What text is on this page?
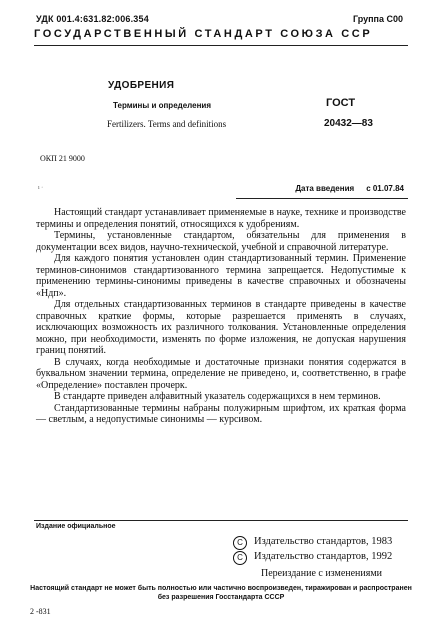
УДК 001.4:631.82:006.354	Группа С00
ГОСУДАРСТВЕННЫЙ СТАНДАРТ СОЮЗА ССР
УДОБРЕНИЯ
Термины и определения
Fertilizers. Terms and definitions
ГОСТ
20432—83
ОКП 21 9000
ı ·	Дата введения с 01.07.84

Настоящий стандарт устанавливает применяемые в науке, технике и производстве термины и определения понятий, относящихся к удобрениям.

Термины, установленные стандартом, обязательны для применения в документации всех видов, научно-технической, учебной и справочной литературе.

Для каждого понятия установлен один стандартизованный термин. Применение терминов-синонимов стандартизованного термина запрещается. Недопустимые к применению термины-синонимы приведены в качестве справочных и обозначены «Ндп».

Для отдельных стандартизованных терминов в стандарте приведены в качестве справочных краткие формы, которые разрешается применять в случаях, исключающих возможность их различного толкования. Установленные определения можно, при необходимости, изменять по форме изложения, не допуская нарушения границ понятий.

В случаях, когда необходимые и достаточные признаки понятия содержатся в буквальном значении термина, определение не приведено, и, соответственно, в графе «Определение» поставлен прочерк.

В стандарте приведен алфавитный указатель содержащихся в нем терминов.

Стандартизованные термины набраны полужирным шрифтом, их краткая форма — светлым, а недопустимые синонимы — курсивом.

Издание официальное
C Издательство стандартов, 1983
C Издательство стандартов, 1992
Переиздание с изменениями
Настоящий стандарт не может быть полностью или частично воспроизведен, тиражирован и распространен без разрешения Госстандарта СССР
2 -831
